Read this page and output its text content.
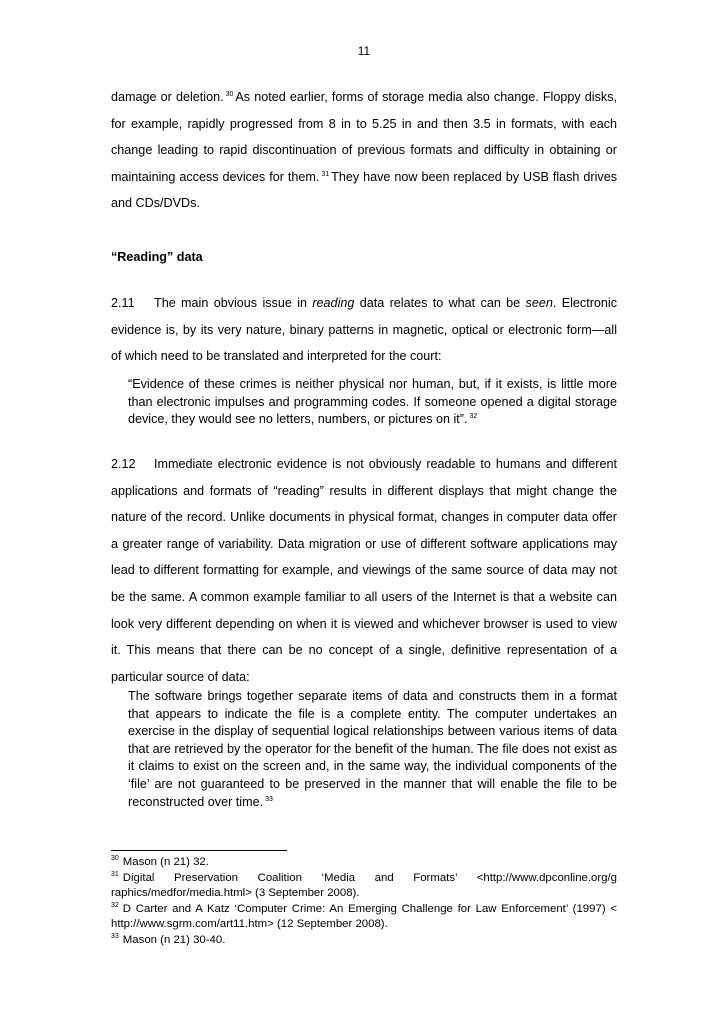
11
damage or deletion. $^{30}$ As noted earlier, forms of storage media also change. Floppy disks, for example, rapidly progressed from 8 in to 5.25 in and then 3.5 in formats, with each change leading to rapid discontinuation of previous formats and difficulty in obtaining or maintaining access devices for them. $^{31}$ They have now been replaced by USB flash drives and CDs/DVDs.
“Reading” data
2.11 The main obvious issue in reading data relates to what can be seen. Electronic evidence is, by its very nature, binary patterns in magnetic, optical or electronic form—all of which need to be translated and interpreted for the court:
“Evidence of these crimes is neither physical nor human, but, if it exists, is little more than electronic impulses and programming codes. If someone opened a digital storage device, they would see no letters, numbers, or pictures on it”. $^{32}$
2.12 Immediate electronic evidence is not obviously readable to humans and different applications and formats of “reading” results in different displays that might change the nature of the record. Unlike documents in physical format, changes in computer data offer a greater range of variability. Data migration or use of different software applications may lead to different formatting for example, and viewings of the same source of data may not be the same. A common example familiar to all users of the Internet is that a website can look very different depending on when it is viewed and whichever browser is used to view it. This means that there can be no concept of a single, definitive representation of a particular source of data:
The software brings together separate items of data and constructs them in a format that appears to indicate the file is a complete entity. The computer undertakes an exercise in the display of sequential logical relationships between various items of data that are retrieved by the operator for the benefit of the human. The file does not exist as it claims to exist on the screen and, in the same way, the individual components of the ‘file’ are not guaranteed to be preserved in the manner that will enable the file to be reconstructed over time. $^{33}$

$^{30}$ Mason (n 21) 32.

$^{31}$ Digital Preservation Coalition ‘Media and Formats’ <http://www.dpconline.org/g raphics/medfor/media.html> (3 September 2008).

$^{32}$ D Carter and A Katz ‘Computer Crime: An Emerging Challenge for Law Enforcement’ (1997) < http://www.sgrm.com/art11.htm> (12 September 2008).

$^{33}$ Mason (n 21) 30-40.
